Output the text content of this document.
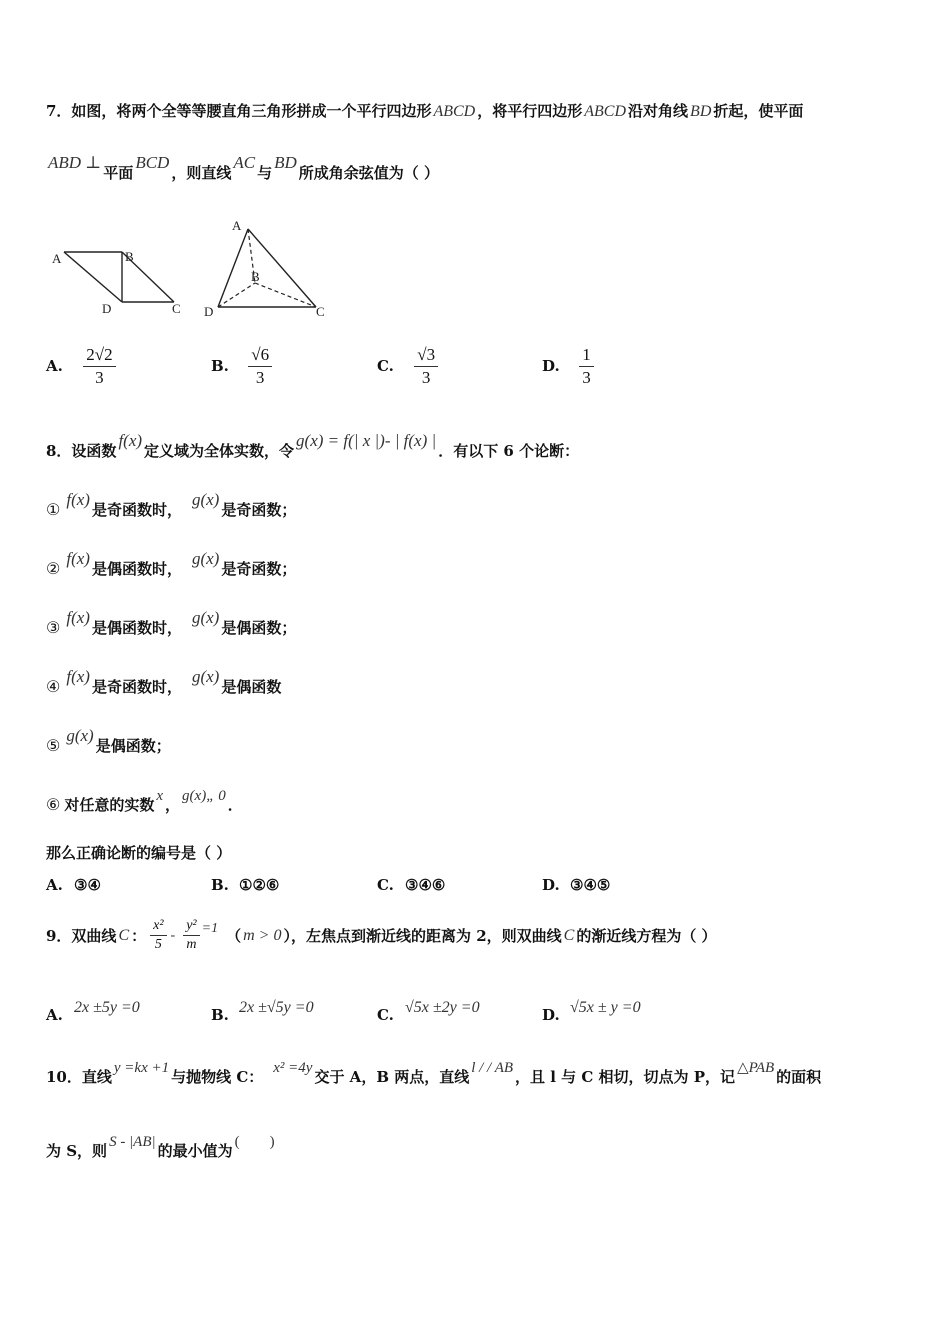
7．如图，将两个全等等腰直角三角形拼成一个平行四边形 ABCD ，将平行四边形 ABCD 沿对角线 BD 折起，使平面
ABD ⊥平面BCD，则直线AC与BD所成角余弦值为（ ）
A	B
D	C
A
B
D	C
A. $\frac{2√2}{3}$	B. $\frac{√6}{3}$	C. $\frac{√3}{3}$	D. $\frac{1}{3}$
8．设函数f(x)定义域为全体实数，令g(x) = f(| x |)- | f(x) |．有以下 6 个论断：
①f(x)是奇函数时，g(x)是奇函数；
②f(x)是偶函数时，g(x)是奇函数；
③f(x)是偶函数时，g(x)是偶函数；
④f(x)是奇函数时，g(x)是偶函数
⑤g(x)是偶函数；
⑥ 对任意的实数 x ， g(x)„ 0 ．
那么正确论断的编号是（ ）
A. ③④	B. ①②⑥	C. ③④⑥	D. ③④⑤
9．双曲线 C ： $\frac{\text{x²}}{5} - \frac{\text{y²}}{m} =1$ （ m > 0 ），左焦点到渐近线的距离为 2，则双曲线 C 的渐近线方程为（ ）
A. 2x ±5y =0	B. 2x ±√5y =0	C. √5x ±2y =0	D. √5x ± y =0
10．直线 y =kx +1 与抛物线 C： x² =4y 交于 A，B 两点，直线 l / / AB ，且 l 与 C 相切，切点为 P，记 △PAB 的面积
为 S，则 S - |AB| 的最小值为 (        )
